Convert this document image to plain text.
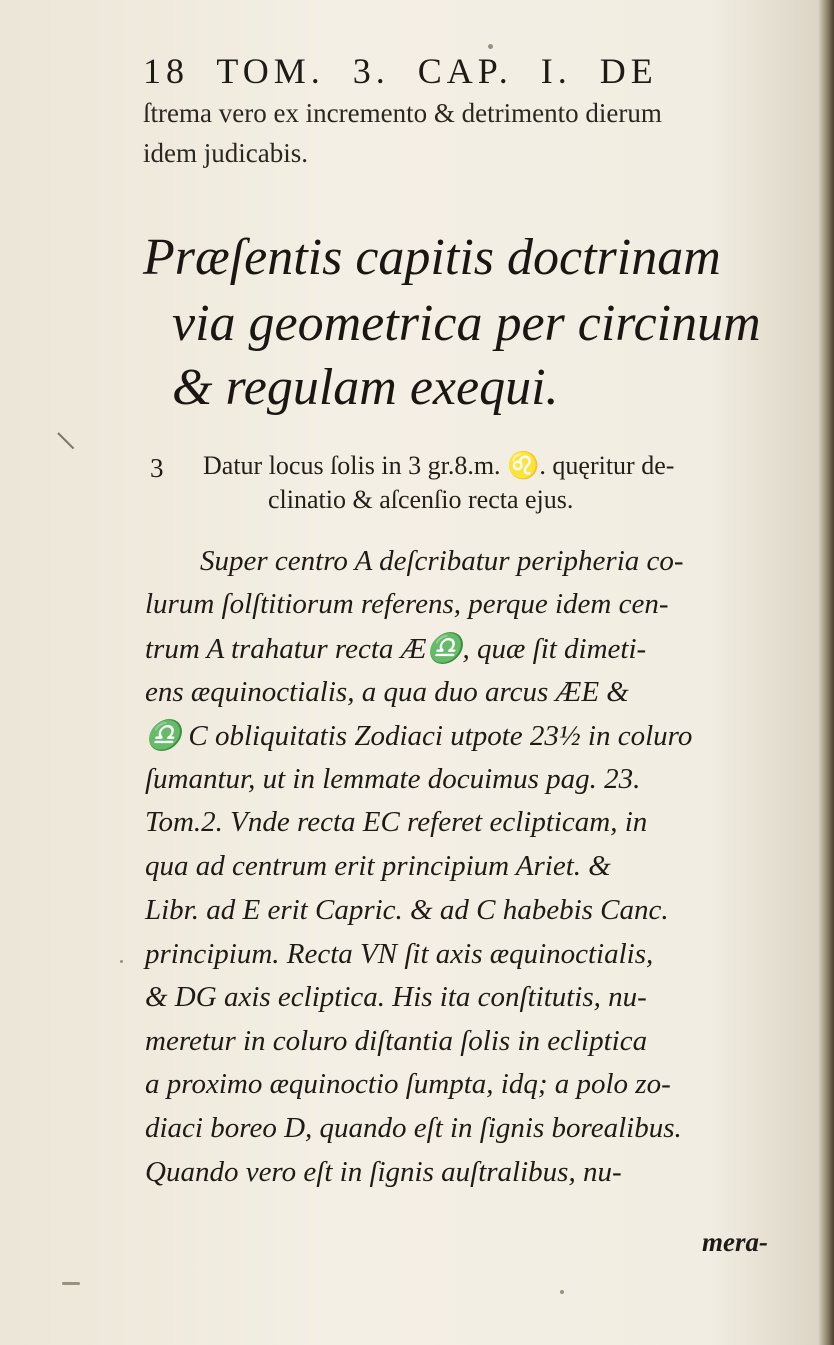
18 TOM. 3. CAP. I. DE
ſtrema vero ex incremento & detrimento dierum
idem judicabis.
Præſentis capitis doctrinam
via geometrica per circinum
& regulam exequi.
3 Datur locus ſolis in 3 gr.8.m. ♌. quęritur de-
clinatio & aſcenſio recta ejus.
Super centro A deſcribatur peripheria co-
lurum ſolſtitiorum referens, perque idem cen-
trum A trahatur recta Æ♎, quæ ſit dimeti-
ens æquinoctialis, a qua duo arcus ÆE &
♎ C obliquitatis Zodiaci utpote 23½ in coluro
ſumantur, ut in lemmate docuimus pag. 23.
Tom.2. Vnde recta EC referet eclipticam, in
qua ad centrum erit principium Ariet. &
Libr. ad E erit Capric. & ad C habebis Canc.
principium. Recta VN ſit axis æquinoctialis,
& DG axis ecliptica. His ita conſtitutis, nu-
meretur in coluro diſtantia ſolis in ecliptica
a proximo æquinoctio ſumpta, idq; a polo zo-
diaci boreo D, quando eſt in ſignis borealibus.
Quando vero eſt in ſignis auſtralibus, nu-
mera-
